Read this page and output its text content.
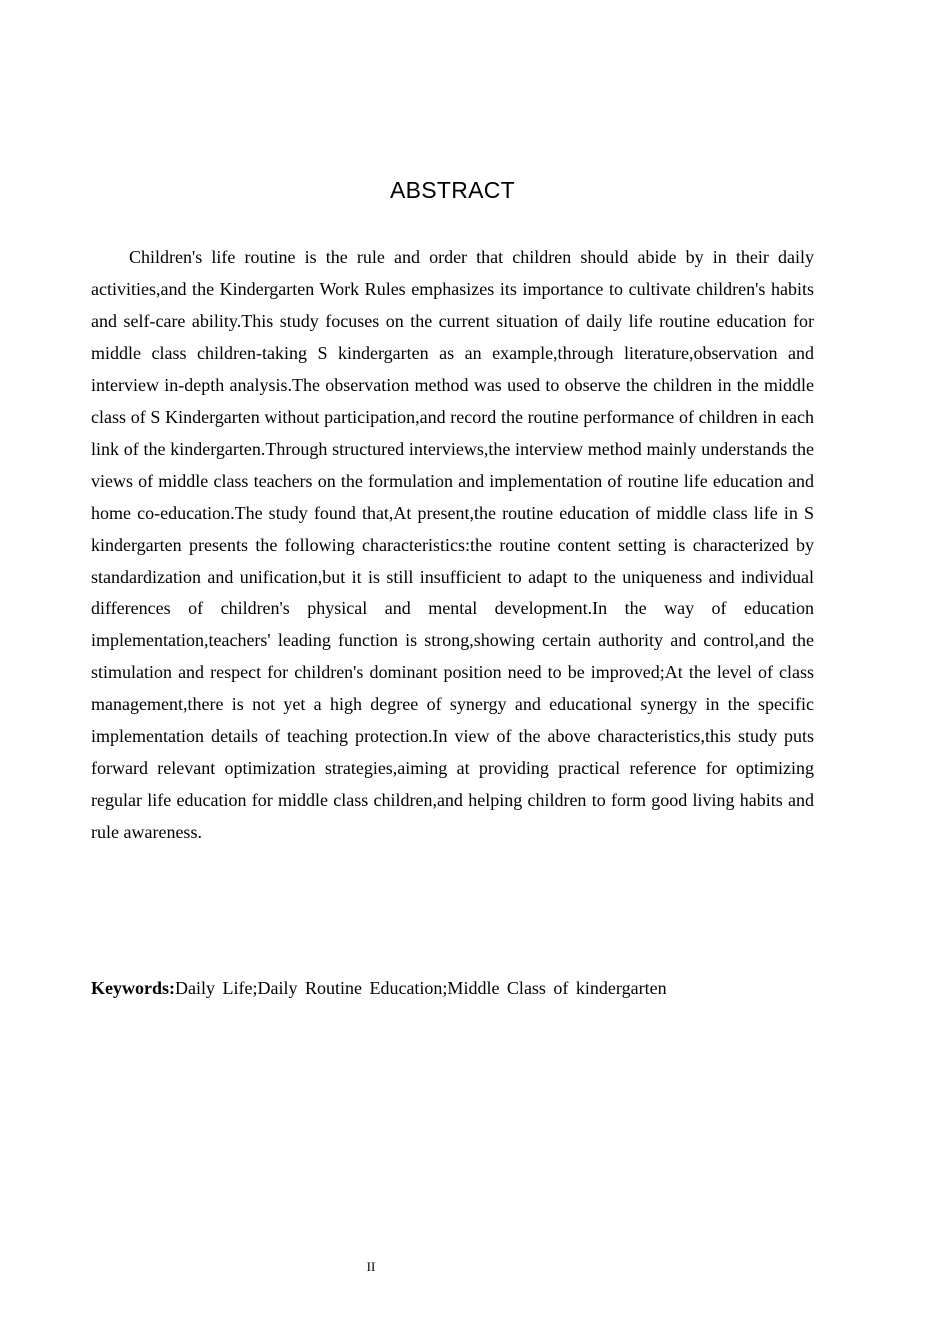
ABSTRACT

Children's life routine is the rule and order that children should abide by in their daily activities,and the Kindergarten Work Rules emphasizes its importance to cultivate children's habits and self-care ability.This study focuses on the current situation of daily life routine education for middle class children-taking S kindergarten as an example,through literature,observation and interview in-depth analysis.The observation method was used to observe the children in the middle class of S Kindergarten without participation,and record the routine performance of children in each link of the kindergarten.Through structured interviews,the interview method mainly understands the views of middle class teachers on the formulation and implementation of routine life education and home co-education.The study found that,At present,the routine education of middle class life in S kindergarten presents the following characteristics:the routine content setting is characterized by standardization and unification,but it is still insufficient to adapt to the uniqueness and individual differences of children's physical and mental development.In the way of education implementation,teachers' leading function is strong,showing certain authority and control,and the stimulation and respect for children's dominant position need to be improved;At the level of class management,there is not yet a high degree of synergy and educational synergy in the specific implementation details of teaching protection.In view of the above characteristics,this study puts forward relevant optimization strategies,aiming at providing practical reference for optimizing regular life education for middle class children,and helping children to form good living habits and rule awareness.

Keywords:Daily Life;Daily Routine Education;Middle Class of kindergarten
II
